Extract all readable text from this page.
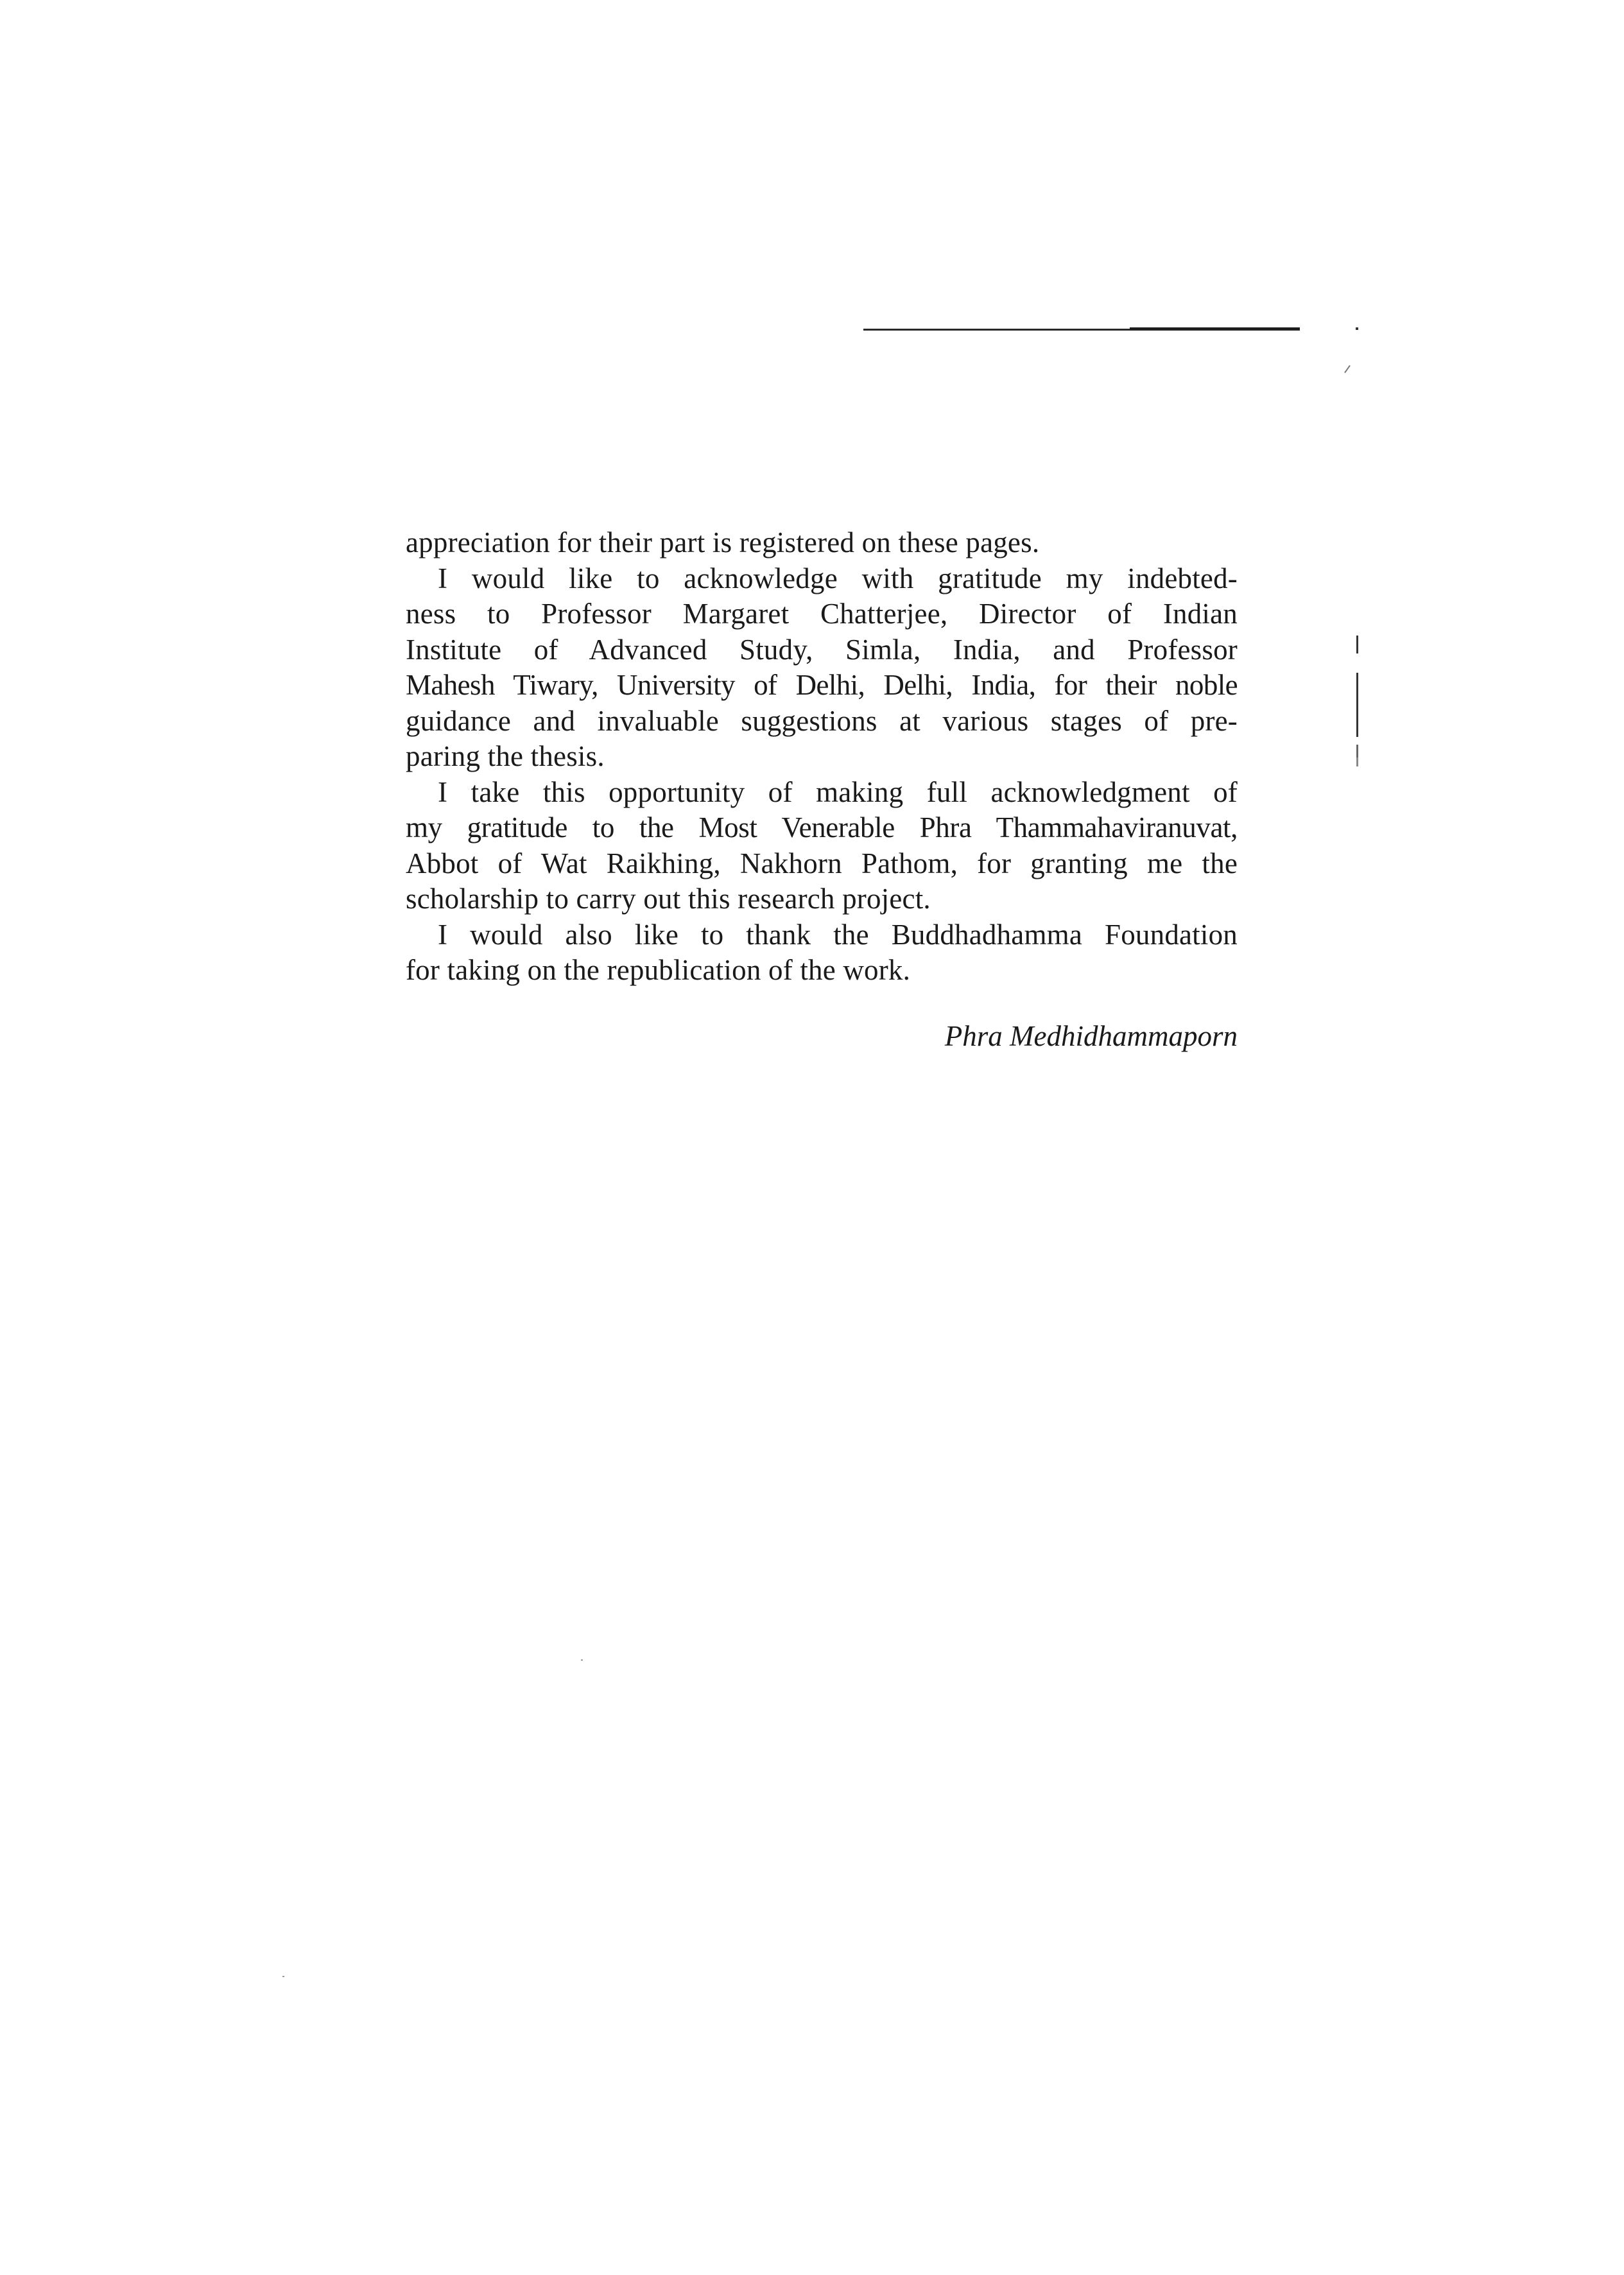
appreciation for their part is registered on these pages.
I would like to acknowledge with gratitude my indebted-
ness to Professor Margaret Chatterjee, Director of Indian
Institute of Advanced Study, Simla, India, and Professor
Mahesh Tiwary, University of Delhi, Delhi, India, for their noble
guidance and invaluable suggestions at various stages of pre-
paring the thesis.
I take this opportunity of making full acknowledgment of
my gratitude to the Most Venerable Phra Thammahaviranuvat,
Abbot of Wat Raikhing, Nakhorn Pathom, for granting me the
scholarship to carry out this research project.
I would also like to thank the Buddhadhamma Foundation
for taking on the republication of the work.
Phra Medhidhammaporn
